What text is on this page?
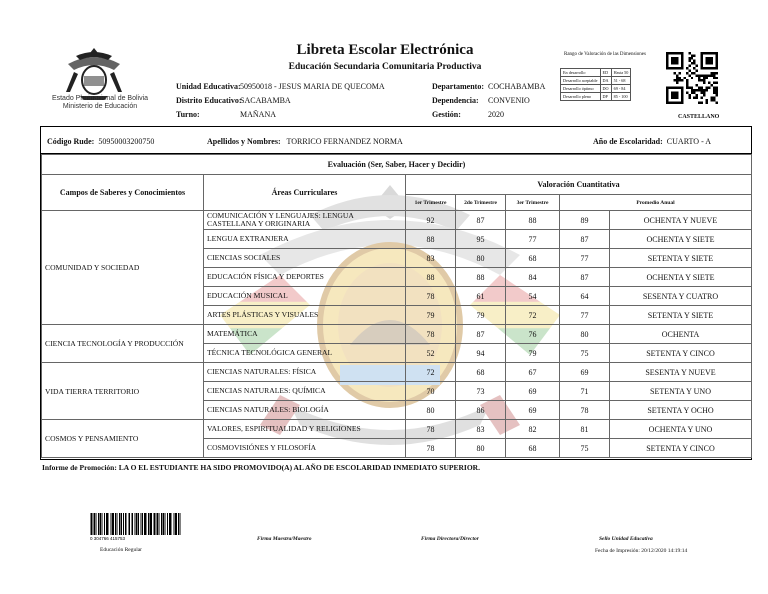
Estado Plurinacional de Bolivia
Ministerio de Educación
Libreta Escolar Electrónica
Educación Secundaria Comunitaria Productiva
Unidad Educativa: 50950018 - JESUS MARIA DE QUECOMA
Distrito Educativo: SACABAMBA
Turno:	MAÑANA
Departamento: COCHABAMBA
Dependencia: CONVENIO
Gestión:	2020
Rango de Valoración de las Dimensiones
En desarrollo	ED	Hasta 50
Desarrollo aceptable	DA	51 - 68
Desarrollo óptimo	DO	69 - 84
Desarrollo pleno	DP	85 - 100
CASTELLANO
Código Rude: 50950003200750	Apellidos y Nombres: TORRICO FERNANDEZ NORMA	Año de Escolaridad: CUARTO - A
Evaluación (Ser, Saber, Hacer y Decidir)						
Campos de Saberes y Conocimientos	Áreas Curriculares	Valoración Cuantitativa				
		1er Trimestre	2do Trimestre	3er Trimestre	Promedio Anual	
COMUNIDAD Y SOCIEDAD	COMUNICACIÓN Y LENGUAJES: LENGUA CASTELLANA Y ORIGINARIA	92	87	88	89	OCHENTA Y NUEVE
	LENGUA EXTRANJERA	88	95	77	87	OCHENTA Y SIETE
	CIENCIAS SOCIALES	83	80	68	77	SETENTA Y SIETE
	EDUCACIÓN FÍSICA Y DEPORTES	88	88	84	87	OCHENTA Y SIETE
	EDUCACIÓN MUSICAL	78	61	54	64	SESENTA Y CUATRO
	ARTES PLÁSTICAS Y VISUALES	79	79	72	77	SETENTA Y SIETE
CIENCIA TECNOLOGÍA Y PRODUCCIÓN	MATEMÁTICA	78	87	76	80	OCHENTA
	TÉCNICA TECNOLÓGICA GENERAL	52	94	79	75	SETENTA Y CINCO
VIDA TIERRA TERRITORIO	CIENCIAS NATURALES: FÍSICA	72	68	67	69	SESENTA Y NUEVE
	CIENCIAS NATURALES: QUÍMICA	70	73	69	71	SETENTA Y UNO
	CIENCIAS NATURALES: BIOLOGÍA	80	86	69	78	SETENTA Y OCHO
COSMOS Y PENSAMIENTO	VALORES, ESPIRITUALIDAD Y RELIGIONES	78	83	82	81	OCHENTA Y UNO
	COSMOVISIÓNES Y FILOSOFÍA	78	80	68	75	SETENTA Y CINCO
Informe de Promoción: LA O EL ESTUDIANTE HA SIDO PROMOVIDO(A) AL AÑO DE ESCOLARIDAD INMEDIATO SUPERIOR.
0 304766 415753
Educación Regular
Firma Maestra/Maestro	Firma Directora/Director	Sello Unidad Educativa
Fecha de Impresión: 20/12/2020 14:19:14
